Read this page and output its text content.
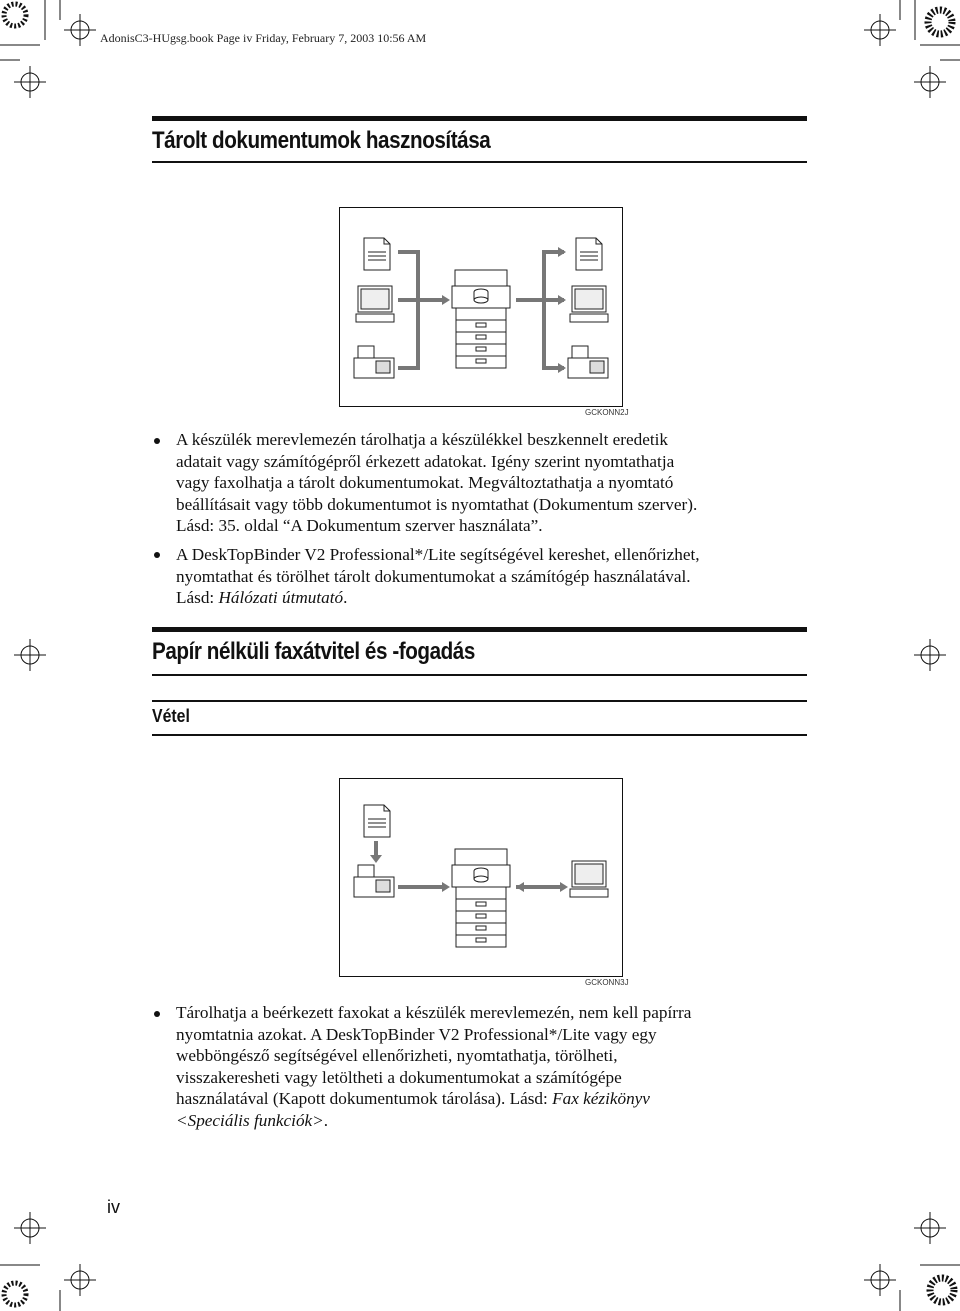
AdonisC3-HUgsg.book Page iv Friday, February 7, 2003 10:56 AM
Tárolt dokumentumok hasznosítása
GCKONN2J
A készülék merevlemezén tárolhatja a készülékkel beszkennelt eredetik
adatait vagy számítógépről érkezett adatokat. Igény szerint nyomtathatja
vagy faxolhatja a tárolt dokumentumokat. Megváltoztathatja a nyomtató
beállításait vagy több dokumentumot is nyomtathat (Dokumentum szerver).
Lásd: 35. oldal “A Dokumentum szerver használata”.
A DeskTopBinder V2 Professional*/Lite segítségével kereshet, ellenőrizhet,
nyomtathat és törölhet tárolt dokumentumokat a számítógép használatával.
Lásd: Hálózati útmutató.
Papír nélküli faxátvitel és -fogadás
Vétel
GCKONN3J
Tárolhatja a beérkezett faxokat a készülék merevlemezén, nem kell papírra
nyomtatnia azokat. A DeskTopBinder V2 Professional*/Lite vagy egy
webböngésző segítségével ellenőrizheti, nyomtathatja, törölheti,
visszakeresheti vagy letöltheti a dokumentumokat a számítógépe
használatával (Kapott dokumentumok tárolása). Lásd: Fax kézikönyv
<Speciális funkciók>.
iv
